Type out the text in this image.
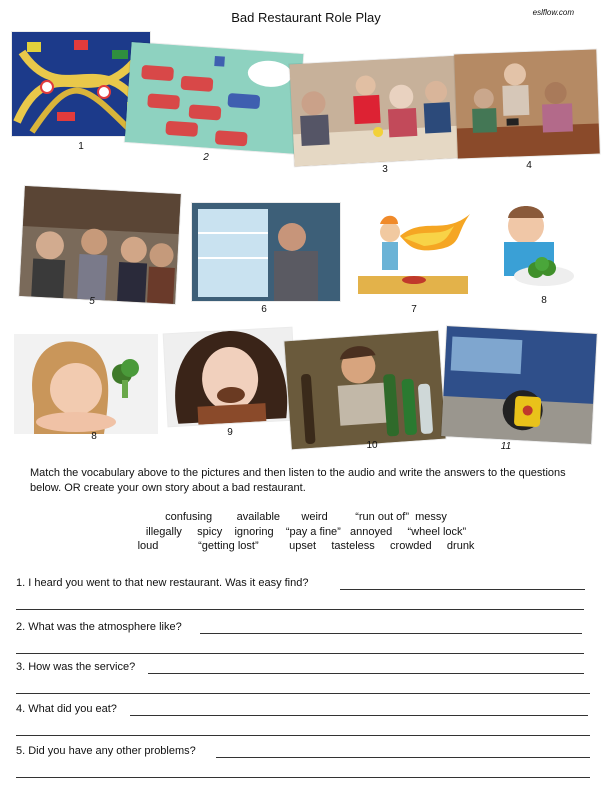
Bad Restaurant Role Play	eslflow.com
1
2
3	4
5
6	7
8
8	9
10	11
Match the vocabulary above to the pictures and then listen to the audio and write the answers to the questions below. OR create your own story about a bad restaurant.
confusing        available       weird         “run out of”  messy
illegally     spicy    ignoring    “pay a fine”   annoyed     “wheel lock”
loud             “getting lost”          upset     tasteless     crowded     drunk
1. I heard you went to that new restaurant. Was it easy find?
2. What was the atmosphere like?
3. How was the service?
4. What did you eat?
5. Did you have any other problems?
